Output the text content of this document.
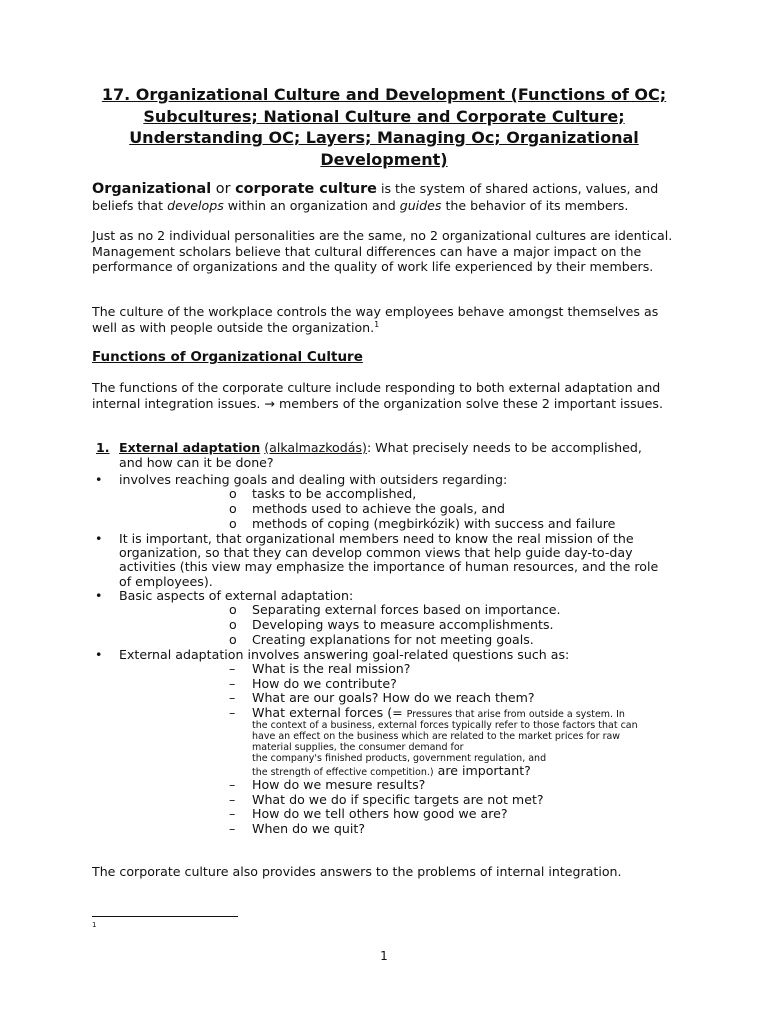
17. Organizational Culture and Development (Functions of OC; Subcultures; National Culture and Corporate Culture; Understanding OC; Layers; Managing Oc; Organizational Development)
Organizational or corporate culture is the system of shared actions, values, and beliefs that develops within an organization and guides the behavior of its members.
Just as no 2 individual personalities are the same, no 2 organizational cultures are identical. Management scholars believe that cultural differences can have a major impact on the performance of organizations and the quality of work life experienced by their members.
The culture of the workplace controls the way employees behave amongst themselves as well as with people outside the organization.$^1$
Functions of Organizational Culture
The functions of the corporate culture include responding to both external adaptation and internal integration issues. → members of the organization solve these 2 important issues.
1. External adaptation (alkalmazkodás): What precisely needs to be accomplished,
and how can it be done?
• involves reaching goals and dealing with outsiders regarding:
o tasks to be accomplished,
o methods used to achieve the goals, and
o methods of coping (megbirkózik) with success and failure
• It is important, that organizational members need to know the real mission of the
organization, so that they can develop common views that help guide day-to-day
activities (this view may emphasize the importance of human resources, and the role
of employees).
• Basic aspects of external adaptation:
o Separating external forces based on importance.
o Developing ways to measure accomplishments.
o Creating explanations for not meeting goals.
• External adaptation involves answering goal-related questions such as:
– What is the real mission?
– How do we contribute?
– What are our goals? How do we reach them?
– What external forces (= Pressures that arise from outside a system. In
the context of a business, external forces typically refer to those factors that can
have an effect on the business which are related to the market prices for raw
material supplies, the consumer demand for
the company's finished products, government regulation, and
the strength of effective competition.) are important?
– How do we mesure results?
– What do we do if specific targets are not met?
– How do we tell others how good we are?
– When do we quit?
The corporate culture also provides answers to the problems of internal integration.
1
1
